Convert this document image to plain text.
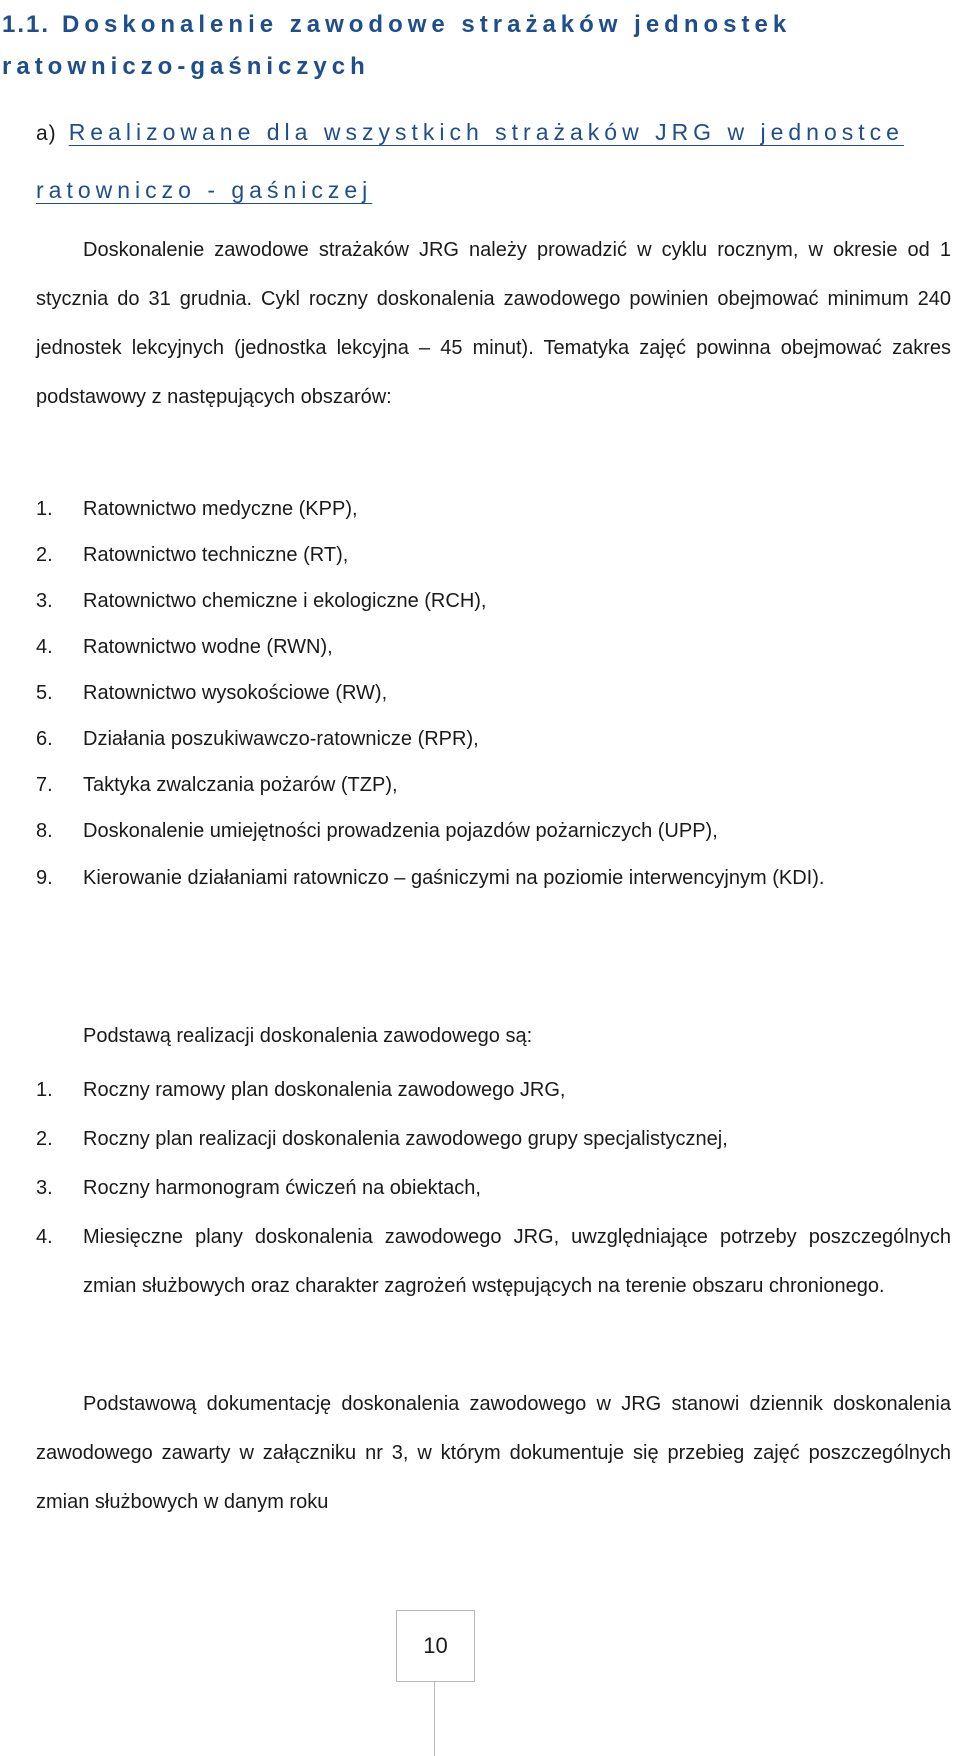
1.1. Doskonalenie zawodowe strażaków jednostek ratowniczo-gaśniczych
a) Realizowane dla wszystkich strażaków JRG w jednostce ratowniczo - gaśniczej

Doskonalenie zawodowe strażaków JRG należy prowadzić w cyklu rocznym, w okresie od 1 stycznia do 31 grudnia. Cykl roczny doskonalenia zawodowego powinien obejmować minimum 240 jednostek lekcyjnych (jednostka lekcyjna – 45 minut). Tematyka zajęć powinna obejmować zakres podstawowy z następujących obszarów:

1. Ratownictwo medyczne (KPP),
2. Ratownictwo techniczne (RT),
3. Ratownictwo chemiczne i ekologiczne (RCH),
4. Ratownictwo wodne (RWN),
5. Ratownictwo wysokościowe (RW),
6. Działania poszukiwawczo-ratownicze (RPR),
7. Taktyka zwalczania pożarów (TZP),
8. Doskonalenie umiejętności prowadzenia pojazdów pożarniczych (UPP),
9. Kierowanie działaniami ratowniczo – gaśniczymi na poziomie interwencyjnym (KDI).

Podstawą realizacji doskonalenia zawodowego są:

1. Roczny ramowy plan doskonalenia zawodowego JRG,
2. Roczny plan realizacji doskonalenia zawodowego grupy specjalistycznej,
3. Roczny harmonogram ćwiczeń na obiektach,
4. Miesięczne plany doskonalenia zawodowego JRG, uwzględniające potrzeby poszczególnych zmian służbowych oraz charakter zagrożeń wstępujących na terenie obszaru chronionego.

Podstawową dokumentację doskonalenia zawodowego w JRG stanowi dziennik doskonalenia zawodowego zawarty w załączniku nr 3, w którym dokumentuje się przebieg zajęć poszczególnych zmian służbowych w danym roku

10
